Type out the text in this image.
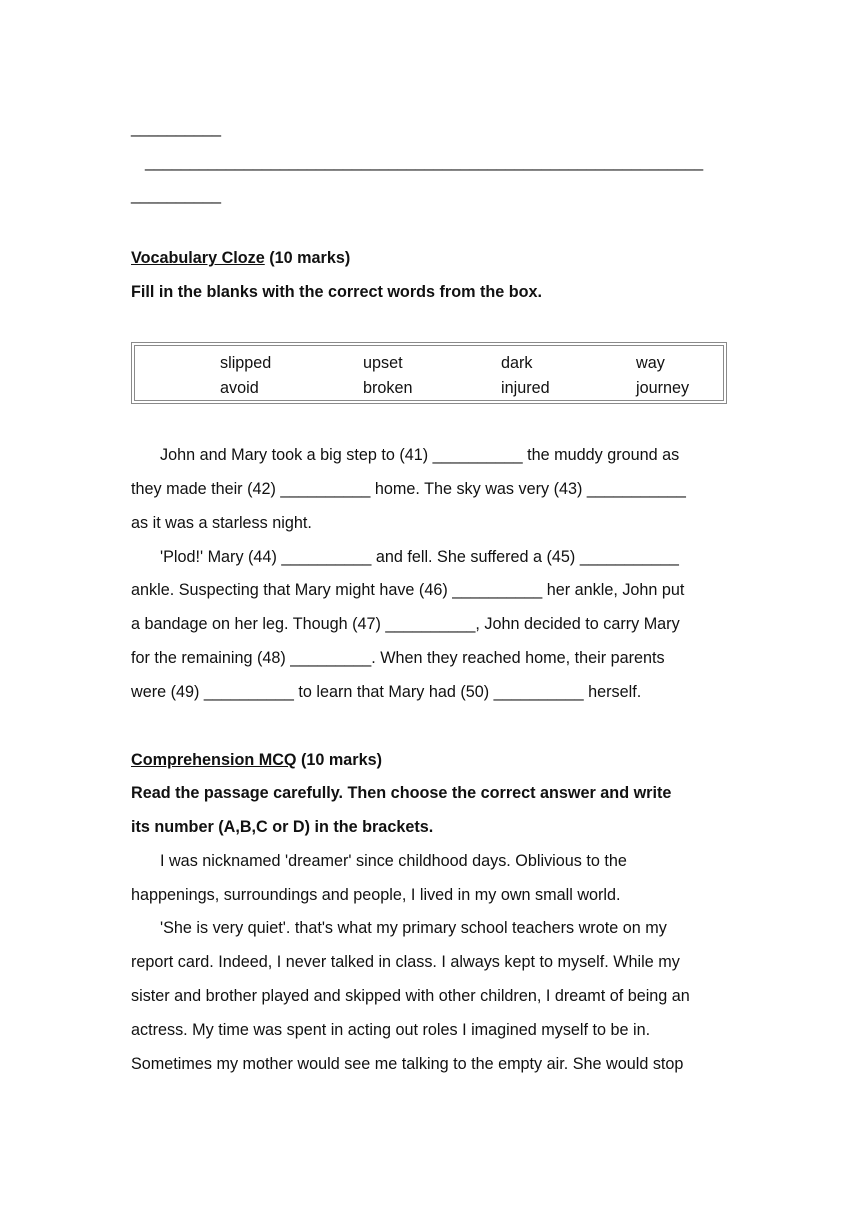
__________
______________________________________________________________
__________
Vocabulary Cloze (10 marks)
Fill in the blanks with the correct words from the box.
slipped	upset	dark	way
avoid	broken	injured	journey
John and Mary took a big step to (41) __________ the muddy ground as
they made their (42) __________ home. The sky was very (43) ___________
as it was a starless night.
'Plod!' Mary (44) __________ and fell. She suffered a (45) ___________
ankle. Suspecting that Mary might have (46) __________ her ankle, John put
a bandage on her leg. Though (47) __________, John decided to carry Mary
for the remaining (48) _________. When they reached home, their parents
were (49) __________ to learn that Mary had (50) __________ herself.
Comprehension MCQ (10 marks)
Read the passage carefully. Then choose the correct answer and write
its number (A,B,C or D) in the brackets.
I was nicknamed 'dreamer' since childhood days. Oblivious to the
happenings, surroundings and people, I lived in my own small world.
'She is very quiet'. that's what my primary school teachers wrote on my
report card. Indeed, I never talked in class. I always kept to myself. While my
sister and brother played and skipped with other children, I dreamt of being an
actress. My time was spent in acting out roles I imagined myself to be in.
Sometimes my mother would see me talking to the empty air. She would stop
